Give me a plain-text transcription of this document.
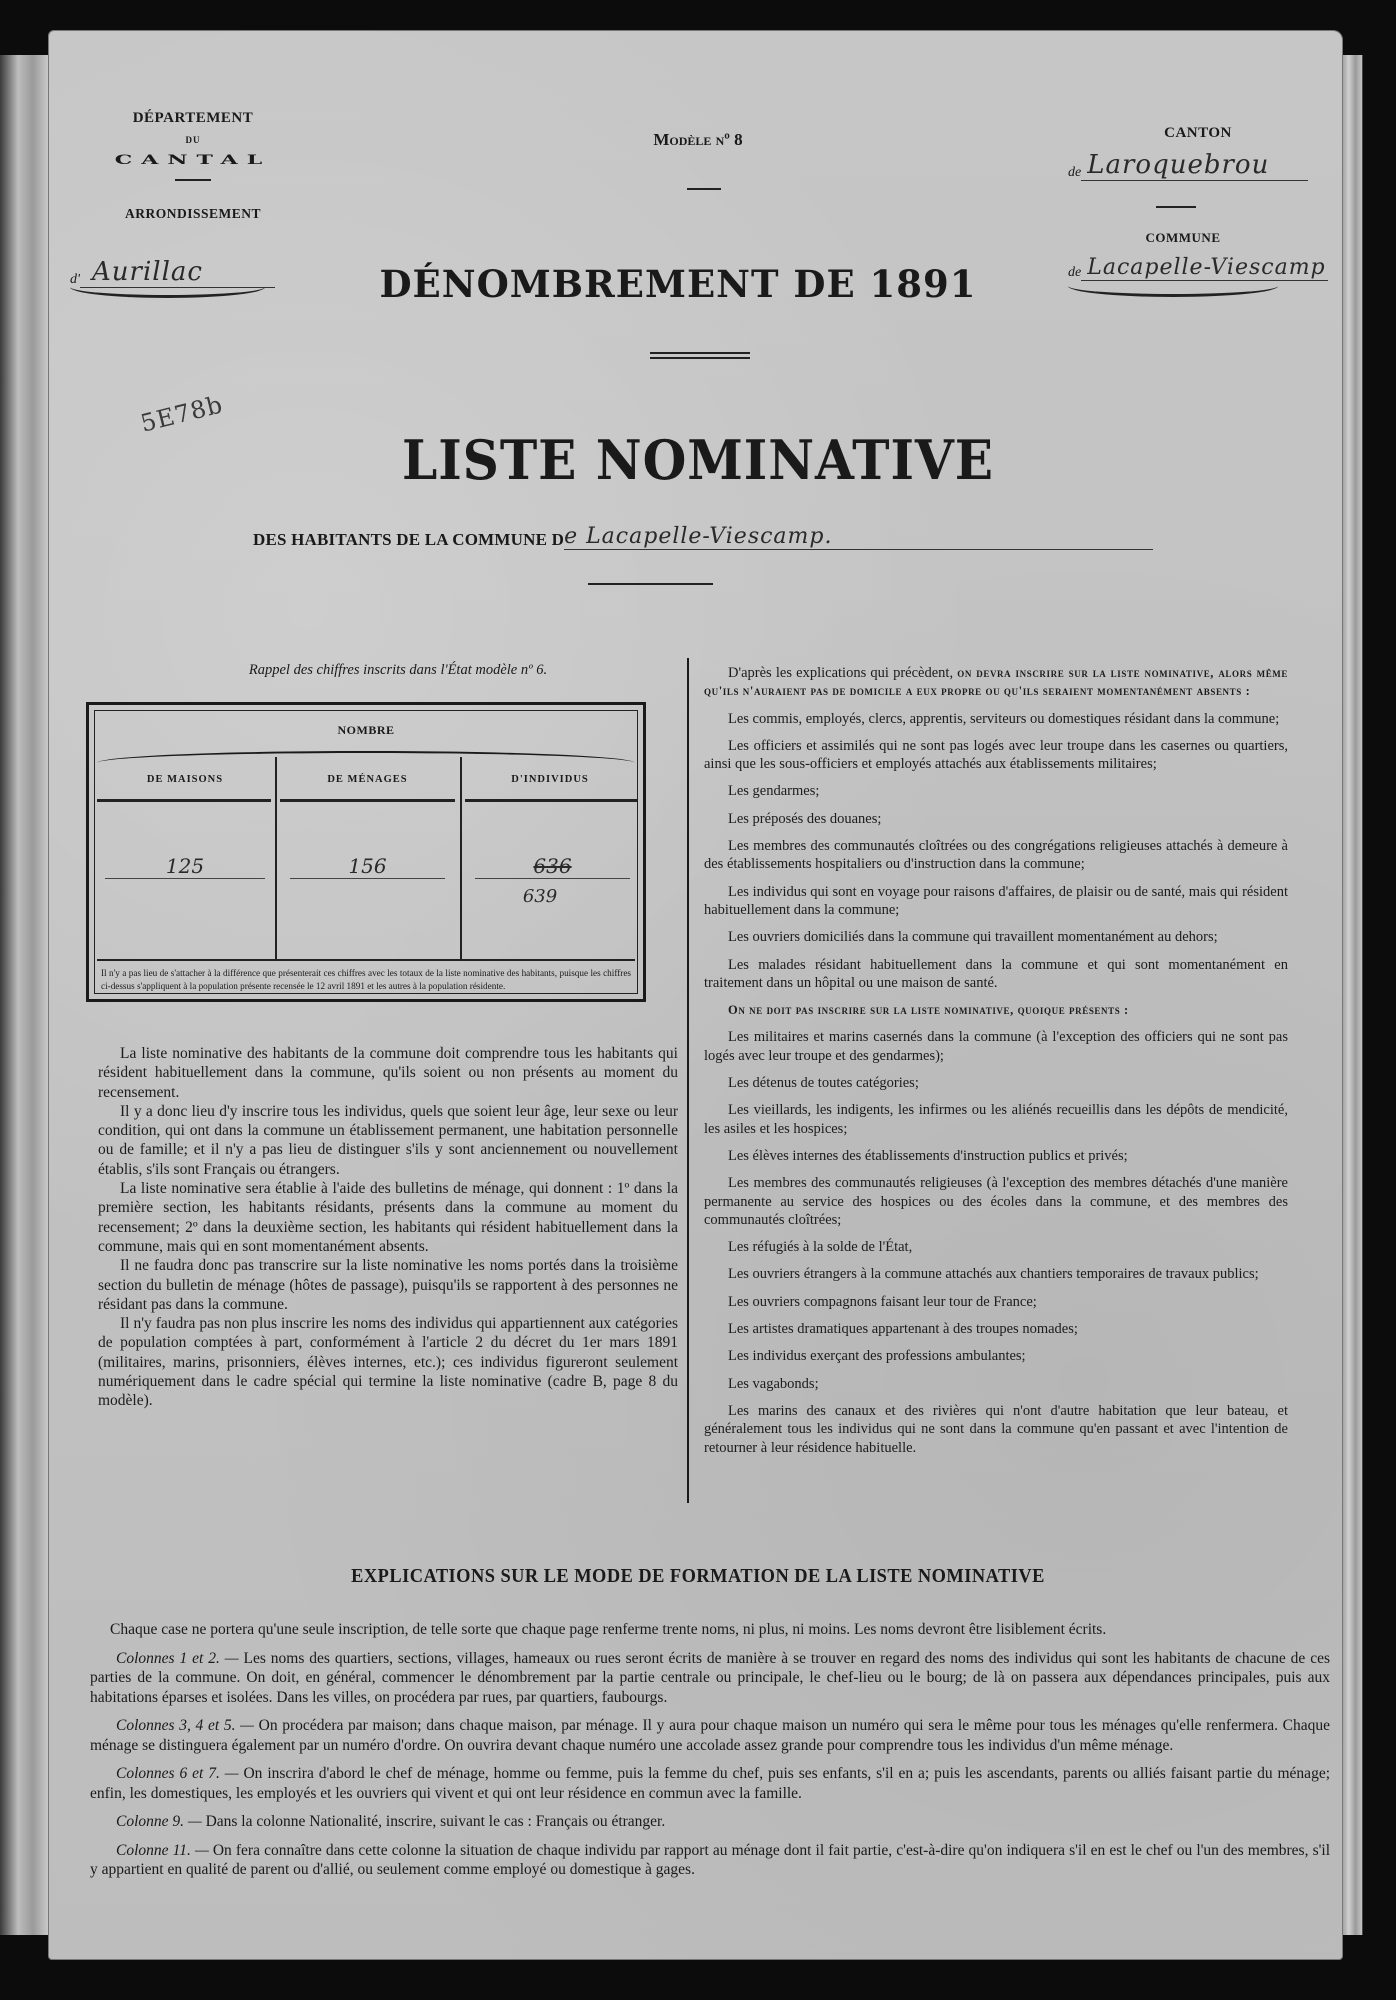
DÉPARTEMENT
DU
CANTAL
ARRONDISSEMENT
d' Aurillac
Modèle nº 8
DÉNOMBREMENT DE 1891
CANTON
de Laroquebrou
COMMUNE
de Lacapelle-Viescamp
5E78b
LISTE NOMINATIVE
DES HABITANTS DE LA COMMUNE D e Lacapelle-Viescamp.
Rappel des chiffres inscrits dans l'État modèle nº 6.
NOMBRE
DE MAISONS	DE MÉNAGES	D'INDIVIDUS
125	156	636
639
Il n'y a pas lieu de s'attacher à la différence que présenterait ces chiffres avec les totaux de la liste nominative des habitants, puisque les chiffres ci-dessus s'appliquent à la population présente recensée le 12 avril 1891 et les autres à la population résidente.

La liste nominative des habitants de la commune doit comprendre tous les habitants qui résident habituellement dans la commune, qu'ils soient ou non présents au moment du recensement.

Il y a donc lieu d'y inscrire tous les individus, quels que soient leur âge, leur sexe ou leur condition, qui ont dans la commune un établissement permanent, une habitation personnelle ou de famille; et il n'y a pas lieu de distinguer s'ils y sont anciennement ou nouvellement établis, s'ils sont Français ou étrangers.

La liste nominative sera établie à l'aide des bulletins de ménage, qui donnent : 1º dans la première section, les habitants résidants, présents dans la commune au moment du recensement; 2º dans la deuxième section, les habitants qui résident habituellement dans la commune, mais qui en sont momentanément absents.

Il ne faudra donc pas transcrire sur la liste nominative les noms portés dans la troisième section du bulletin de ménage (hôtes de passage), puisqu'ils se rapportent à des personnes ne résidant pas dans la commune.

Il n'y faudra pas non plus inscrire les noms des individus qui appartiennent aux catégories de population comptées à part, conformément à l'article 2 du décret du 1er mars 1891 (militaires, marins, prisonniers, élèves internes, etc.); ces individus figureront seulement numériquement dans le cadre spécial qui termine la liste nominative (cadre B, page 8 du modèle).

D'après les explications qui précèdent, on devra inscrire sur la liste nominative, alors même qu'ils n'auraient pas de domicile a eux propre ou qu'ils seraient momentanément absents :

Les commis, employés, clercs, apprentis, serviteurs ou domestiques résidant dans la commune;

Les officiers et assimilés qui ne sont pas logés avec leur troupe dans les casernes ou quartiers, ainsi que les sous-officiers et employés attachés aux établissements militaires;

Les gendarmes;

Les préposés des douanes;

Les membres des communautés cloîtrées ou des congrégations religieuses attachés à demeure à des établissements hospitaliers ou d'instruction dans la commune;

Les individus qui sont en voyage pour raisons d'affaires, de plaisir ou de santé, mais qui résident habituellement dans la commune;

Les ouvriers domiciliés dans la commune qui travaillent momentanément au dehors;

Les malades résidant habituellement dans la commune et qui sont momentanément en traitement dans un hôpital ou une maison de santé.

On ne doit pas inscrire sur la liste nominative, quoique présents :

Les militaires et marins casernés dans la commune (à l'exception des officiers qui ne sont pas logés avec leur troupe et des gendarmes);

Les détenus de toutes catégories;

Les vieillards, les indigents, les infirmes ou les aliénés recueillis dans les dépôts de mendicité, les asiles et les hospices;

Les élèves internes des établissements d'instruction publics et privés;

Les membres des communautés religieuses (à l'exception des membres détachés d'une manière permanente au service des hospices ou des écoles dans la commune, et des membres des communautés cloîtrées;

Les réfugiés à la solde de l'État,

Les ouvriers étrangers à la commune attachés aux chantiers temporaires de travaux publics;

Les ouvriers compagnons faisant leur tour de France;

Les artistes dramatiques appartenant à des troupes nomades;

Les individus exerçant des professions ambulantes;

Les vagabonds;

Les marins des canaux et des rivières qui n'ont d'autre habitation que leur bateau, et généralement tous les individus qui ne sont dans la commune qu'en passant et avec l'intention de retourner à leur résidence habituelle.

EXPLICATIONS SUR LE MODE DE FORMATION DE LA LISTE NOMINATIVE

Chaque case ne portera qu'une seule inscription, de telle sorte que chaque page renferme trente noms, ni plus, ni moins. Les noms devront être lisiblement écrits.

Colonnes 1 et 2. — Les noms des quartiers, sections, villages, hameaux ou rues seront écrits de manière à se trouver en regard des noms des individus qui sont les habitants de chacune de ces parties de la commune. On doit, en général, commencer le dénombrement par la partie centrale ou principale, le chef-lieu ou le bourg; de là on passera aux dépendances principales, puis aux habitations éparses et isolées. Dans les villes, on procédera par rues, par quartiers, faubourgs.

Colonnes 3, 4 et 5. — On procédera par maison; dans chaque maison, par ménage. Il y aura pour chaque maison un numéro qui sera le même pour tous les ménages qu'elle renfermera. Chaque ménage se distinguera également par un numéro d'ordre. On ouvrira devant chaque numéro une accolade assez grande pour comprendre tous les individus d'un même ménage.

Colonnes 6 et 7. — On inscrira d'abord le chef de ménage, homme ou femme, puis la femme du chef, puis ses enfants, s'il en a; puis les ascendants, parents ou alliés faisant partie du ménage; enfin, les domestiques, les employés et les ouvriers qui vivent et qui ont leur résidence en commun avec la famille.

Colonne 9. — Dans la colonne Nationalité, inscrire, suivant le cas : Français ou étranger.

Colonne 11. — On fera connaître dans cette colonne la situation de chaque individu par rapport au ménage dont il fait partie, c'est-à-dire qu'on indiquera s'il en est le chef ou l'un des membres, s'il y appartient en qualité de parent ou d'allié, ou seulement comme employé ou domestique à gages.
